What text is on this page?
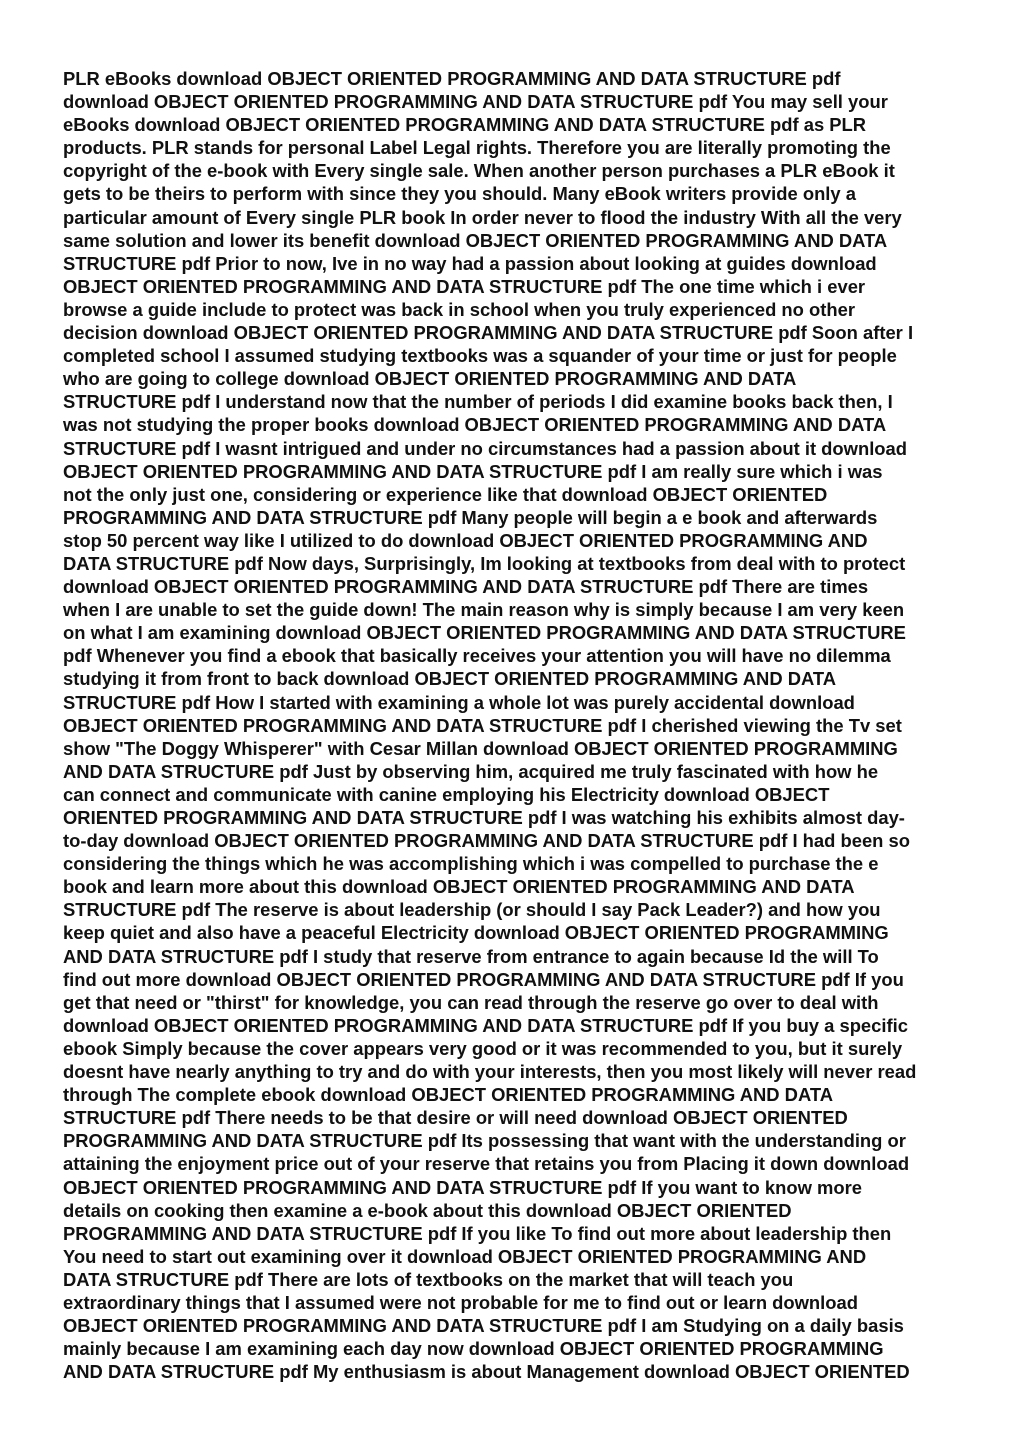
PLR eBooks download OBJECT ORIENTED PROGRAMMING AND DATA STRUCTURE pdf
download OBJECT ORIENTED PROGRAMMING AND DATA STRUCTURE pdf You may sell your
eBooks download OBJECT ORIENTED PROGRAMMING AND DATA STRUCTURE pdf as PLR
products. PLR stands for personal Label Legal rights. Therefore you are literally promoting the
copyright of the e-book with Every single sale. When another person purchases a PLR eBook it
gets to be theirs to perform with since they you should. Many eBook writers provide only a
particular amount of Every single PLR book In order never to flood the industry With all the very
same solution and lower its benefit download OBJECT ORIENTED PROGRAMMING AND DATA
STRUCTURE pdf Prior to now, Ive in no way had a passion about looking at guides download
OBJECT ORIENTED PROGRAMMING AND DATA STRUCTURE pdf The one time which i ever
browse a guide include to protect was back in school when you truly experienced no other
decision download OBJECT ORIENTED PROGRAMMING AND DATA STRUCTURE pdf Soon after I
completed school I assumed studying textbooks was a squander of your time or just for people
who are going to college download OBJECT ORIENTED PROGRAMMING AND DATA
STRUCTURE pdf I understand now that the number of periods I did examine books back then, I
was not studying the proper books download OBJECT ORIENTED PROGRAMMING AND DATA
STRUCTURE pdf I wasnt intrigued and under no circumstances had a passion about it download
OBJECT ORIENTED PROGRAMMING AND DATA STRUCTURE pdf I am really sure which i was
not the only just one, considering or experience like that download OBJECT ORIENTED
PROGRAMMING AND DATA STRUCTURE pdf Many people will begin a e book and afterwards
stop 50 percent way like I utilized to do download OBJECT ORIENTED PROGRAMMING AND
DATA STRUCTURE pdf Now days, Surprisingly, Im looking at textbooks from deal with to protect
download OBJECT ORIENTED PROGRAMMING AND DATA STRUCTURE pdf There are times
when I are unable to set the guide down! The main reason why is simply because I am very keen
on what I am examining download OBJECT ORIENTED PROGRAMMING AND DATA STRUCTURE
pdf Whenever you find a ebook that basically receives your attention you will have no dilemma
studying it from front to back download OBJECT ORIENTED PROGRAMMING AND DATA
STRUCTURE pdf How I started with examining a whole lot was purely accidental download
OBJECT ORIENTED PROGRAMMING AND DATA STRUCTURE pdf I cherished viewing the Tv set
show "The Doggy Whisperer" with Cesar Millan download OBJECT ORIENTED PROGRAMMING
AND DATA STRUCTURE pdf Just by observing him, acquired me truly fascinated with how he
can connect and communicate with canine employing his Electricity download OBJECT
ORIENTED PROGRAMMING AND DATA STRUCTURE pdf I was watching his exhibits almost day-
to-day download OBJECT ORIENTED PROGRAMMING AND DATA STRUCTURE pdf I had been so
considering the things which he was accomplishing which i was compelled to purchase the e
book and learn more about this download OBJECT ORIENTED PROGRAMMING AND DATA
STRUCTURE pdf The reserve is about leadership (or should I say Pack Leader?) and how you
keep quiet and also have a peaceful Electricity download OBJECT ORIENTED PROGRAMMING
AND DATA STRUCTURE pdf I study that reserve from entrance to again because Id the will To
find out more download OBJECT ORIENTED PROGRAMMING AND DATA STRUCTURE pdf If you
get that need or "thirst" for knowledge, you can read through the reserve go over to deal with
download OBJECT ORIENTED PROGRAMMING AND DATA STRUCTURE pdf If you buy a specific
ebook Simply because the cover appears very good or it was recommended to you, but it surely
doesnt have nearly anything to try and do with your interests, then you most likely will never read
through The complete ebook download OBJECT ORIENTED PROGRAMMING AND DATA
STRUCTURE pdf There needs to be that desire or will need download OBJECT ORIENTED
PROGRAMMING AND DATA STRUCTURE pdf Its possessing that want with the understanding or
attaining the enjoyment price out of your reserve that retains you from Placing it down download
OBJECT ORIENTED PROGRAMMING AND DATA STRUCTURE pdf If you want to know more
details on cooking then examine a e-book about this download OBJECT ORIENTED
PROGRAMMING AND DATA STRUCTURE pdf If you like To find out more about leadership then
You need to start out examining over it download OBJECT ORIENTED PROGRAMMING AND
DATA STRUCTURE pdf There are lots of textbooks on the market that will teach you
extraordinary things that I assumed were not probable for me to find out or learn download
OBJECT ORIENTED PROGRAMMING AND DATA STRUCTURE pdf I am Studying on a daily basis
mainly because I am examining each day now download OBJECT ORIENTED PROGRAMMING
AND DATA STRUCTURE pdf My enthusiasm is about Management download OBJECT ORIENTED
